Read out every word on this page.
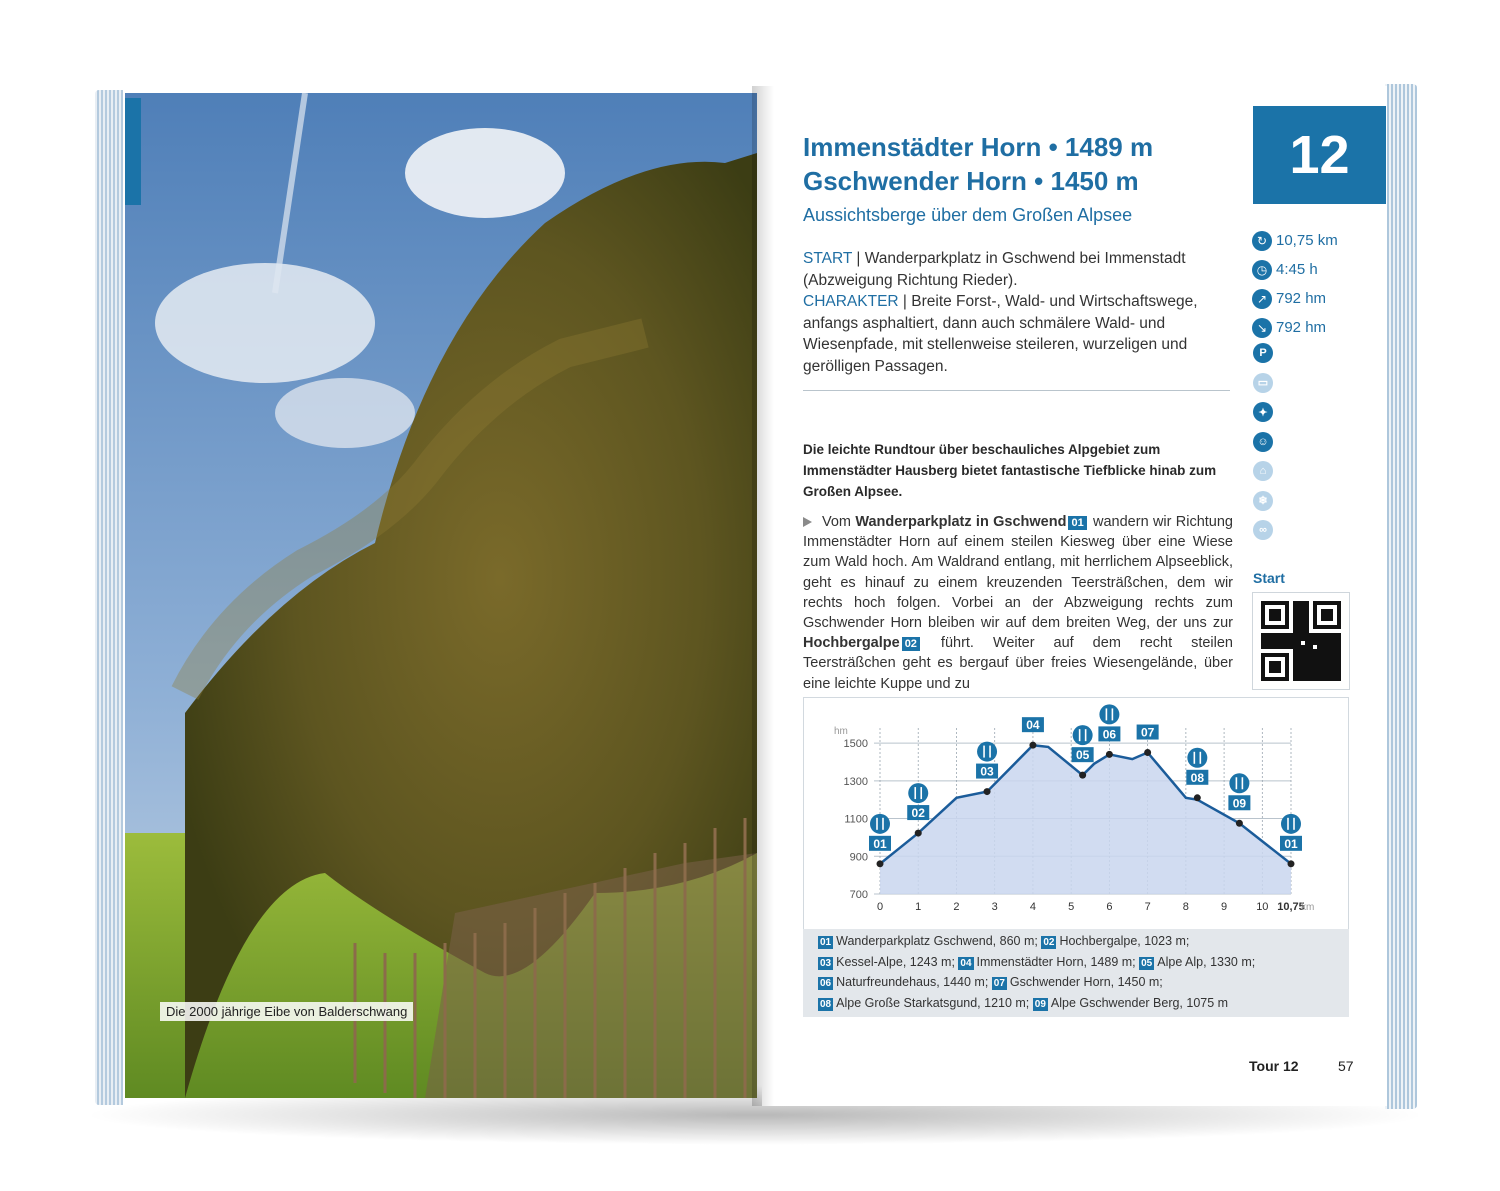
Die 2000 jährige Eibe von Balderschwang
Immenstädter Horn • 1489 m
Gschwender Horn • 1450 m
Aussichtsberge über dem Großen Alpsee
12
START | Wanderparkplatz in Gschwend bei Immenstadt (Abzweigung Richtung Rieder).
CHARAKTER | Breite Forst-, Wald- und Wirtschaftswege, anfangs asphaltiert, dann auch schmälere Wald- und Wiesenpfade, mit stellenweise steileren, wurzeligen und gerölligen Passagen.
Die leichte Rundtour über beschauliches Alpgebiet zum Immenstädter Hausberg bietet fantastische Tiefblicke hinab zum Großen Alpsee.
Vom Wanderparkplatz in Gschwend 01 wandern wir Richtung Immenstädter Horn auf einem steilen Kiesweg über eine Wiese zum Wald hoch. Am Waldrand entlang, mit herrlichem Alpseeblick, geht es hinauf zu einem kreuzenden Teersträßchen, dem wir rechts hoch folgen. Vorbei an der Abzweigung rechts zum Gschwender Horn bleiben wir auf dem breiten Weg, der uns zur Hochbergalpe 02 führt. Weiter auf dem recht steilen Teersträßchen geht es bergauf über freies Wiesengelände, über eine leichte Kuppe und zu
↻ 10,75 km
◷ 4:45 h
↗ 792 hm
↘ 792 hm
P
▭
✦
☺
⌂
❄
∞
Start
700
900
1100
1300
1500
hm
0	1	2	3	4	5	6	7	8	9	10 10,75
km
01
02
03
04
05
06 07
08
09
01
01 Wanderparkplatz Gschwend, 860 m; 02 Hochbergalpe, 1023 m;
03 Kessel-Alpe, 1243 m; 04 Immenstädter Horn, 1489 m; 05 Alpe Alp, 1330 m;
06 Naturfreundehaus, 1440 m; 07 Gschwender Horn, 1450 m;
08 Alpe Große Starkatsgund, 1210 m; 09 Alpe Gschwender Berg, 1075 m
Tour 12	57
